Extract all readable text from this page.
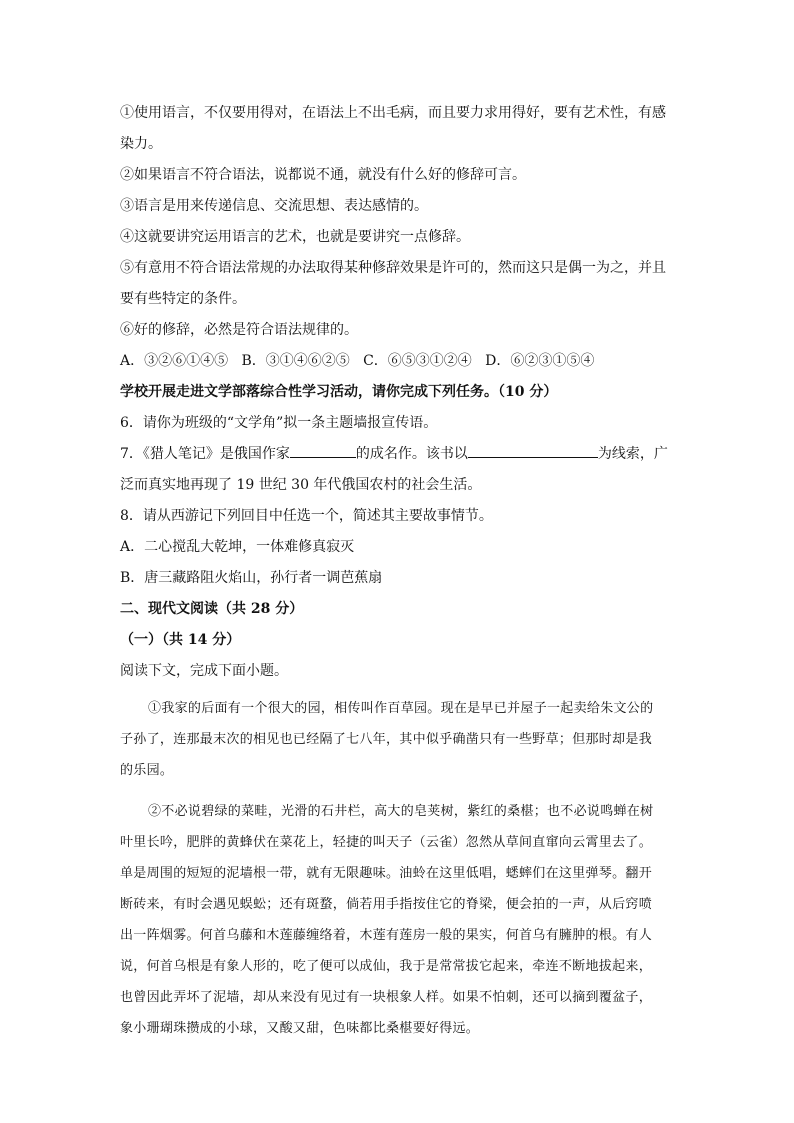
①使用语言，不仅要用得对，在语法上不出毛病，而且要力求用得好，要有艺术性，有感
染力。
②如果语言不符合语法，说都说不通，就没有什么好的修辞可言。
③语言是用来传递信息、交流思想、表达感情的。
④这就要讲究运用语言的艺术，也就是要讲究一点修辞。
⑤有意用不符合语法常规的办法取得某种修辞效果是许可的，然而这只是偶一为之，并且
要有些特定的条件。
⑥好的修辞，必然是符合语法规律的。
A．③②⑥①④⑤   B．③①④⑥②⑤   C．⑥⑤③①②④   D．⑥②③①⑤④
学校开展走进文学部落综合性学习活动，请你完成下列任务。（10 分）
6．请你为班级的“文学角”拟一条主题墙报宣传语。
7．《猎人笔记》是俄国作家	的成名作。该书以	为线索，广
泛而真实地再现了 19 世纪 30 年代俄国农村的社会生活。
8．请从西游记下列回目中任选一个，简述其主要故事情节。
A．二心搅乱大乾坤，一体难修真寂灭
B．唐三藏路阻火焰山，孙行者一调芭蕉扇
二、现代文阅读（共 28 分）
（一）（共 14 分）
阅读下文，完成下面小题。
①我家的后面有一个很大的园，相传叫作百草园。现在是早已并屋子一起卖给朱文公的
子孙了，连那最末次的相见也已经隔了七八年，其中似乎确凿只有一些野草；但那时却是我
的乐园。
②不必说碧绿的菜畦，光滑的石井栏，高大的皂荚树，紫红的桑椹；也不必说鸣蝉在树
叶里长吟，肥胖的黄蜂伏在菜花上，轻捷的叫天子（云雀）忽然从草间直窜向云霄里去了。
单是周围的短短的泥墙根一带，就有无限趣味。油蛉在这里低唱，蟋蟀们在这里弹琴。翻开
断砖来，有时会遇见蜈蚣；还有斑蝥，倘若用手指按住它的脊梁，便会拍的一声，从后窍喷
出一阵烟雾。何首乌藤和木莲藤缠络着，木莲有莲房一般的果实，何首乌有臃肿的根。有人
说，何首乌根是有象人形的，吃了便可以成仙，我于是常常拔它起来，牵连不断地拔起来，
也曾因此弄坏了泥墙，却从来没有见过有一块根象人样。如果不怕刺，还可以摘到覆盆子，
象小珊瑚珠攒成的小球，又酸又甜，色味都比桑椹要好得远。
